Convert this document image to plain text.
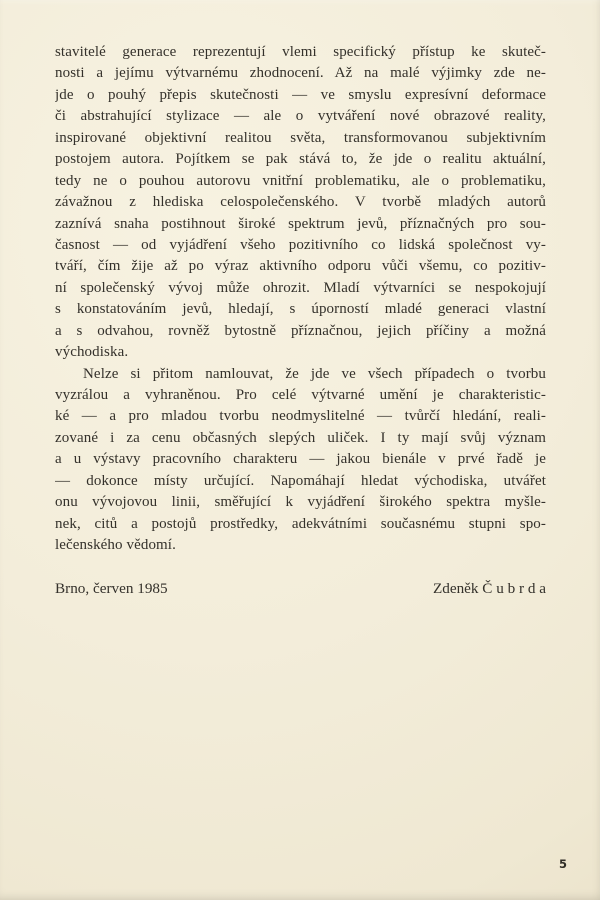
stavitelé generace reprezentují vlemi specifický přístup ke skuteč-
nosti a jejímu výtvarnému zhodnocení. Až na malé výjimky zde ne-
jde o pouhý přepis skutečnosti — ve smyslu expresívní deformace
či abstrahující stylizace — ale o vytváření nové obrazové reality,
inspirované objektivní realitou světa, transformovanou subjektivním
postojem autora. Pojítkem se pak stává to, že jde o realitu aktuální,
tedy ne o pouhou autorovu vnitřní problematiku, ale o problematiku,
závažnou z hlediska celospolečenského. V tvorbě mladých autorů
zaznívá snaha postihnout široké spektrum jevů, příznačných pro sou-
časnost — od vyjádření všeho pozitivního co lidská společnost vy-
tváří, čím žije až po výraz aktivního odporu vůči všemu, co pozitiv-
ní společenský vývoj může ohrozit. Mladí výtvarníci se nespokojují
s konstatováním jevů, hledají, s úporností mladé generaci vlastní
a s odvahou, rovněž bytostně příznačnou, jejich příčiny a možná
východiska.
Nelze si přitom namlouvat, že jde ve všech případech o tvorbu
vyzrálou a vyhraněnou. Pro celé výtvarné umění je charakteristic-
ké — a pro mladou tvorbu neodmyslitelné — tvůrčí hledání, reali-
zované i za cenu občasných slepých uliček. I ty mají svůj význam
a u výstavy pracovního charakteru — jakou bienále v prvé řadě je
— dokonce místy určující. Napomáhají hledat východiska, utvářet
onu vývojovou linii, směřující k vyjádření širokého spektra myšle-
nek, citů a postojů prostředky, adekvátními současnému stupni spo-
lečenského vědomí.
Brno, červen 1985	Zdeněk Č u b r d a
5
